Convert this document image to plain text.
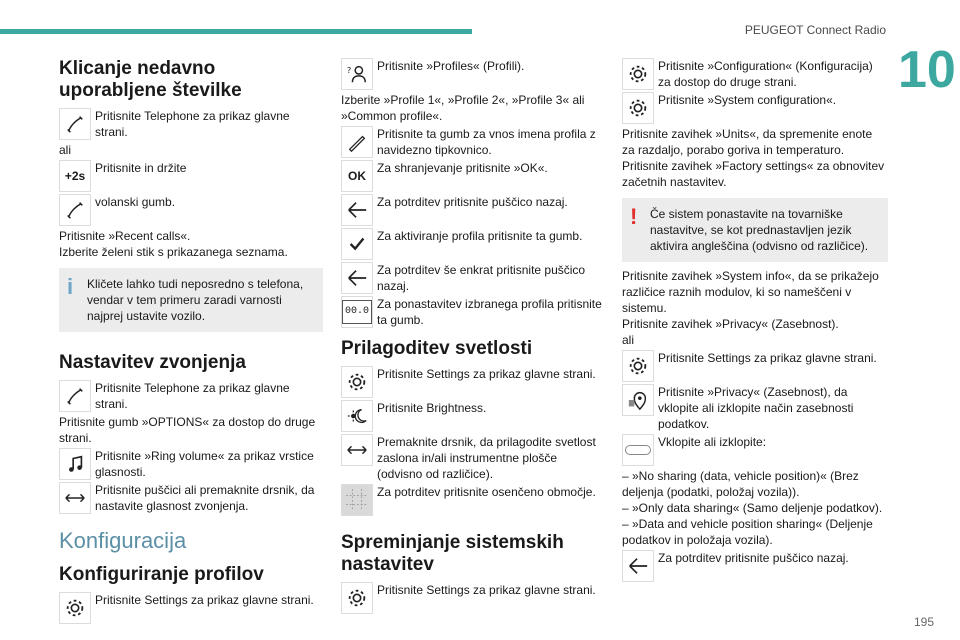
PEUGEOT Connect Radio
10
Klicanje nedavno uporabljene številke

Pritisnite Telephone za prikaz glavne strani.

ali

+2s

Pritisnite in držite

volanski gumb.

Pritisnite »Recent calls«.

Izberite želeni stik s prikazanega seznama.

i	Kličete lahko tudi neposredno s telefona, vendar v tem primeru zaradi varnosti najprej ustavite vozilo.

Nastavitev zvonjenja

Pritisnite Telephone za prikaz glavne strani.

Pritisnite gumb »OPTIONS« za dostop do druge strani.

Pritisnite »Ring volume« za prikaz vrstice glasnosti.

Pritisnite puščici ali premaknite drsnik, da nastavite glasnost zvonjenja.

Konfiguracija
Konfiguriranje profilov

Pritisnite Settings za prikaz glavne strani.

? Pritisnite »Profiles« (Profili).

Izberite »Profile 1«, »Profile 2«, »Profile 3« ali »Common profile«.

Pritisnite ta gumb za vnos imena profila z navidezno tipkovnico.

OK

Za shranjevanje pritisnite »OK«.

Za potrditev pritisnite puščico nazaj.

Za aktiviranje profila pritisnite ta gumb.

Za potrditev še enkrat pritisnite puščico nazaj.

00.0

Za ponastavitev izbranega profila pritisnite ta gumb.

Prilagoditev svetlosti

Pritisnite Settings za prikaz glavne strani.

Pritisnite Brightness.

Premaknite drsnik, da prilagodite svetlost zaslona in/ali instrumentne plošče (odvisno od različice).

Za potrditev pritisnite osenčeno območje.

Spreminjanje sistemskih nastavitev

Pritisnite Settings za prikaz glavne strani.

Pritisnite »Configuration« (Konfiguracija) za dostop do druge strani.

Pritisnite »System configuration«.

Pritisnite zavihek »Units«, da spremenite enote za razdaljo, porabo goriva in temperaturo.

Pritisnite zavihek »Factory settings« za obnovitev začetnih nastavitev.

!	Če sistem ponastavite na tovarniške nastavitve, se kot prednastavljen jezik aktivira angleščina (odvisno od različice).

Pritisnite zavihek »System info«, da se prikažejo različice raznih modulov, ki so nameščeni v sistemu.

Pritisnite zavihek »Privacy« (Zasebnost).

ali

Pritisnite Settings za prikaz glavne strani.

Pritisnite »Privacy« (Zasebnost), da vklopite ali izklopite način zasebnosti podatkov.

Vklopite ali izklopite:

– »No sharing (data, vehicle position)« (Brez deljenja (podatki, položaj vozila)).

– »Only data sharing« (Samo deljenje podatkov).

– »Data and vehicle position sharing« (Deljenje podatkov in položaja vozila).

Za potrditev pritisnite puščico nazaj.

195
